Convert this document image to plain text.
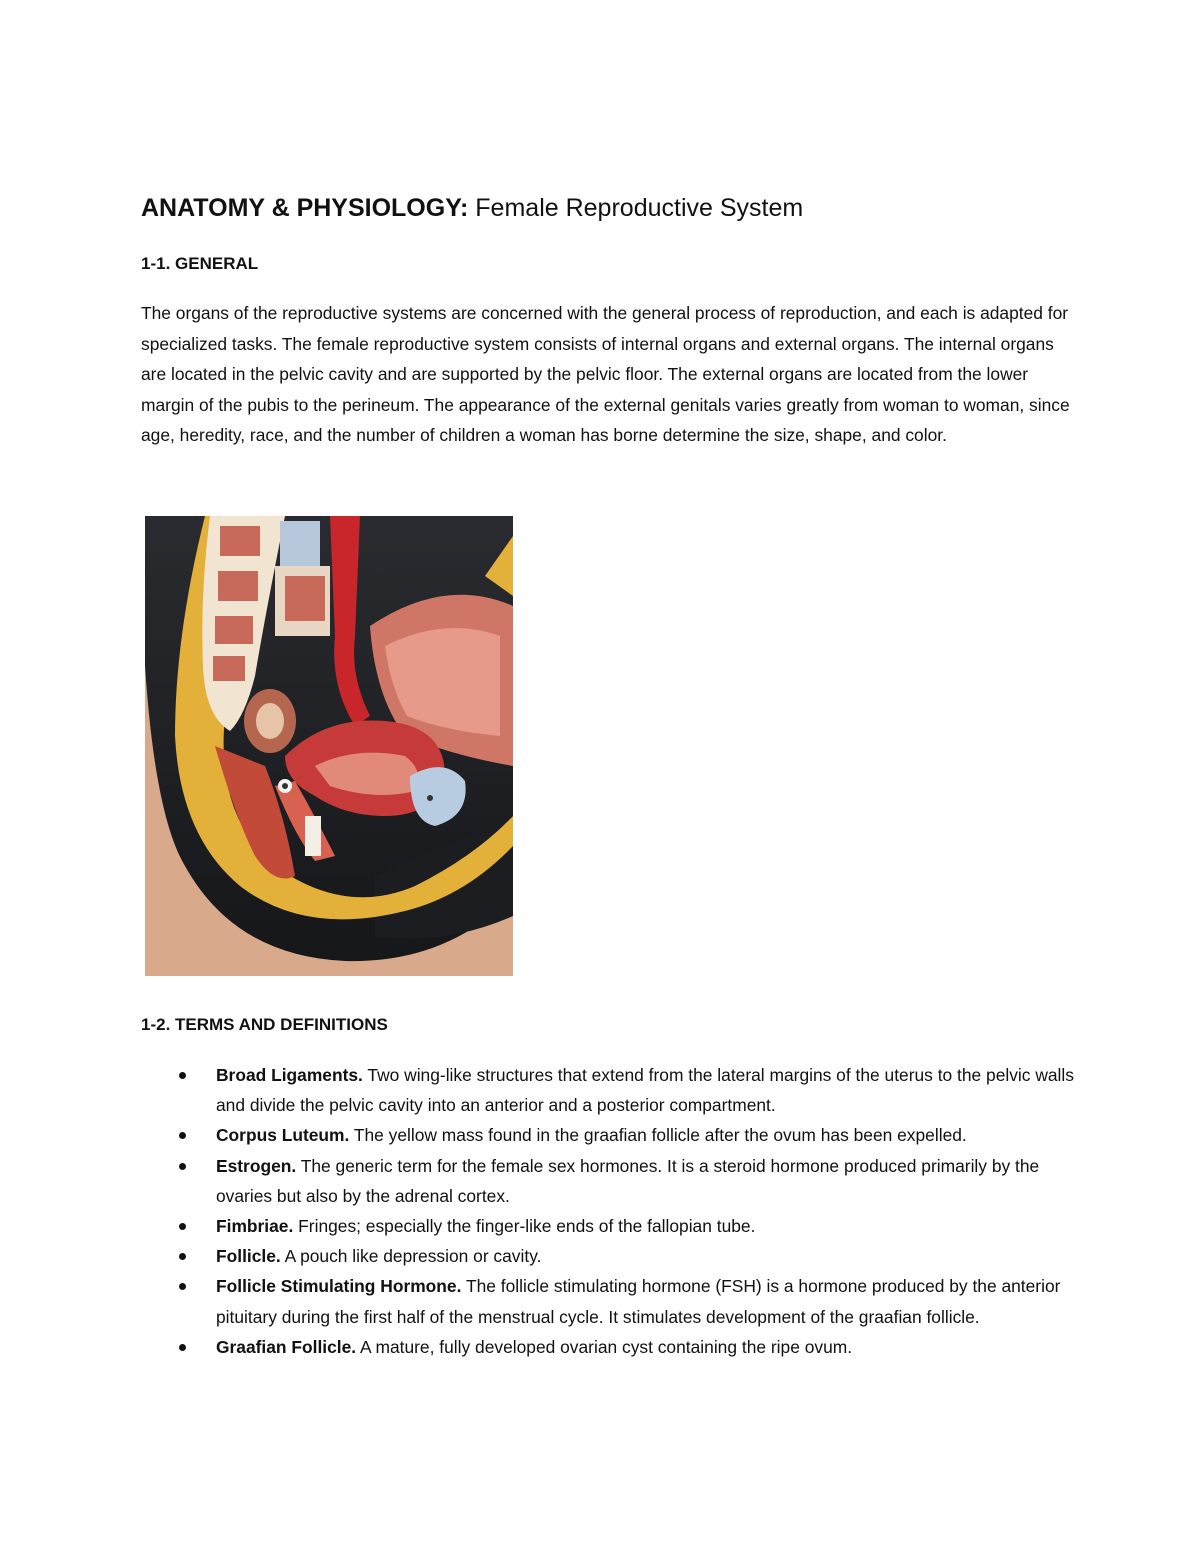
ANATOMY & PHYSIOLOGY: Female Reproductive System
1-1. GENERAL
The organs of the reproductive systems are concerned with the general process of reproduction, and each is adapted for specialized tasks. The female reproductive system consists of internal organs and external organs. The internal organs are located in the pelvic cavity and are supported by the pelvic floor. The external organs are located from the lower margin of the pubis to the perineum. The appearance of the external genitals varies greatly from woman to woman, since age, heredity, race, and the number of children a woman has borne determine the size, shape, and color.
1-2. TERMS AND DEFINITIONS
Broad Ligaments. Two wing-like structures that extend from the lateral margins of the uterus to the pelvic walls and divide the pelvic cavity into an anterior and a posterior compartment.
Corpus Luteum. The yellow mass found in the graafian follicle after the ovum has been expelled.
Estrogen. The generic term for the female sex hormones. It is a steroid hormone produced primarily by the ovaries but also by the adrenal cortex.
Fimbriae. Fringes; especially the finger-like ends of the fallopian tube.
Follicle. A pouch like depression or cavity.
Follicle Stimulating Hormone. The follicle stimulating hormone (FSH) is a hormone produced by the anterior pituitary during the first half of the menstrual cycle. It stimulates development of the graafian follicle.
Graafian Follicle. A mature, fully developed ovarian cyst containing the ripe ovum.
